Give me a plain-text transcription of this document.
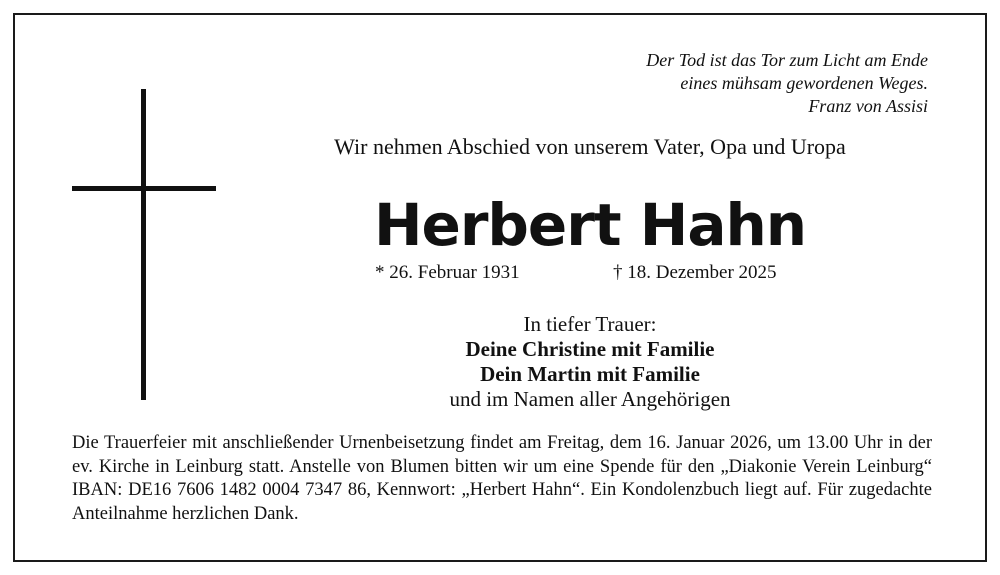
Der Tod ist das Tor zum Licht am Ende
eines mühsam gewordenen Weges.
Franz von Assisi
Wir nehmen Abschied von unserem Vater, Opa und Uropa
Herbert Hahn
* 26. Februar 1931	† 18. Dezember 2025
In tiefer Trauer:
Deine Christine mit Familie
Dein Martin mit Familie
und im Namen aller Angehörigen
Die Trauerfeier mit anschließender Urnenbeisetzung findet am Freitag, dem 16. Januar 2026, um 13.00 Uhr in der ev. Kirche in Leinburg statt. Anstelle von Blumen bitten wir um eine Spende für den „Diakonie Verein Leinburg“ IBAN: DE16 7606 1482 0004 7347 86, Kennwort: „Herbert Hahn“. Ein Kondolenzbuch liegt auf. Für zugedachte Anteilnahme herzlichen Dank.
